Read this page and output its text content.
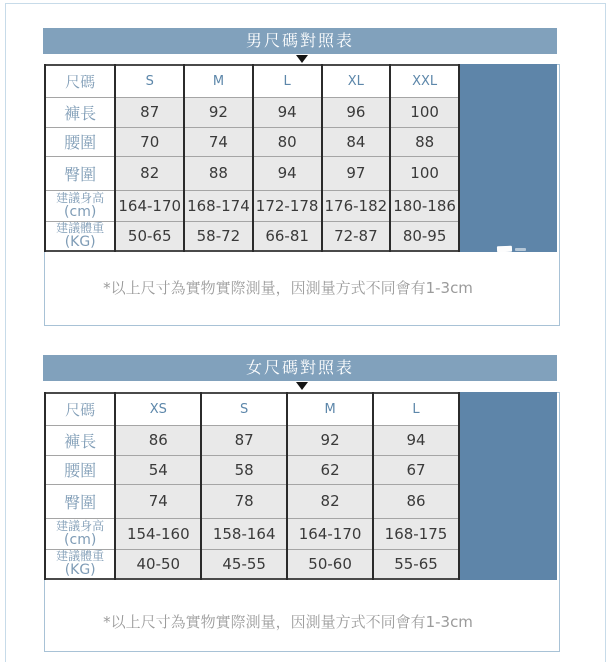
男尺碼對照表
尺碼	S	M	L	XL	XXL
褲長	87	92	94	96	100
腰圍	70	74	80	84	88
臀圍	82	88	94	97	100

建議身高
(cm)	164-170	168-174	172-178	176-182	180-186

建議體重
(KG)	50-65	58-72	66-81	72-87	80-95
*以上尺寸為實物實際測量，因測量方式不同會有1-3cm
女尺碼對照表
尺碼	XS	S	M	L
褲長	86	87	92	94
腰圍	54	58	62	67
臀圍	74	78	82	86

建議身高
(cm)	154-160	158-164	164-170	168-175

建議體重
(KG)	40-50	45-55	50-60	55-65
*以上尺寸為實物實際測量，因測量方式不同會有1-3cm
